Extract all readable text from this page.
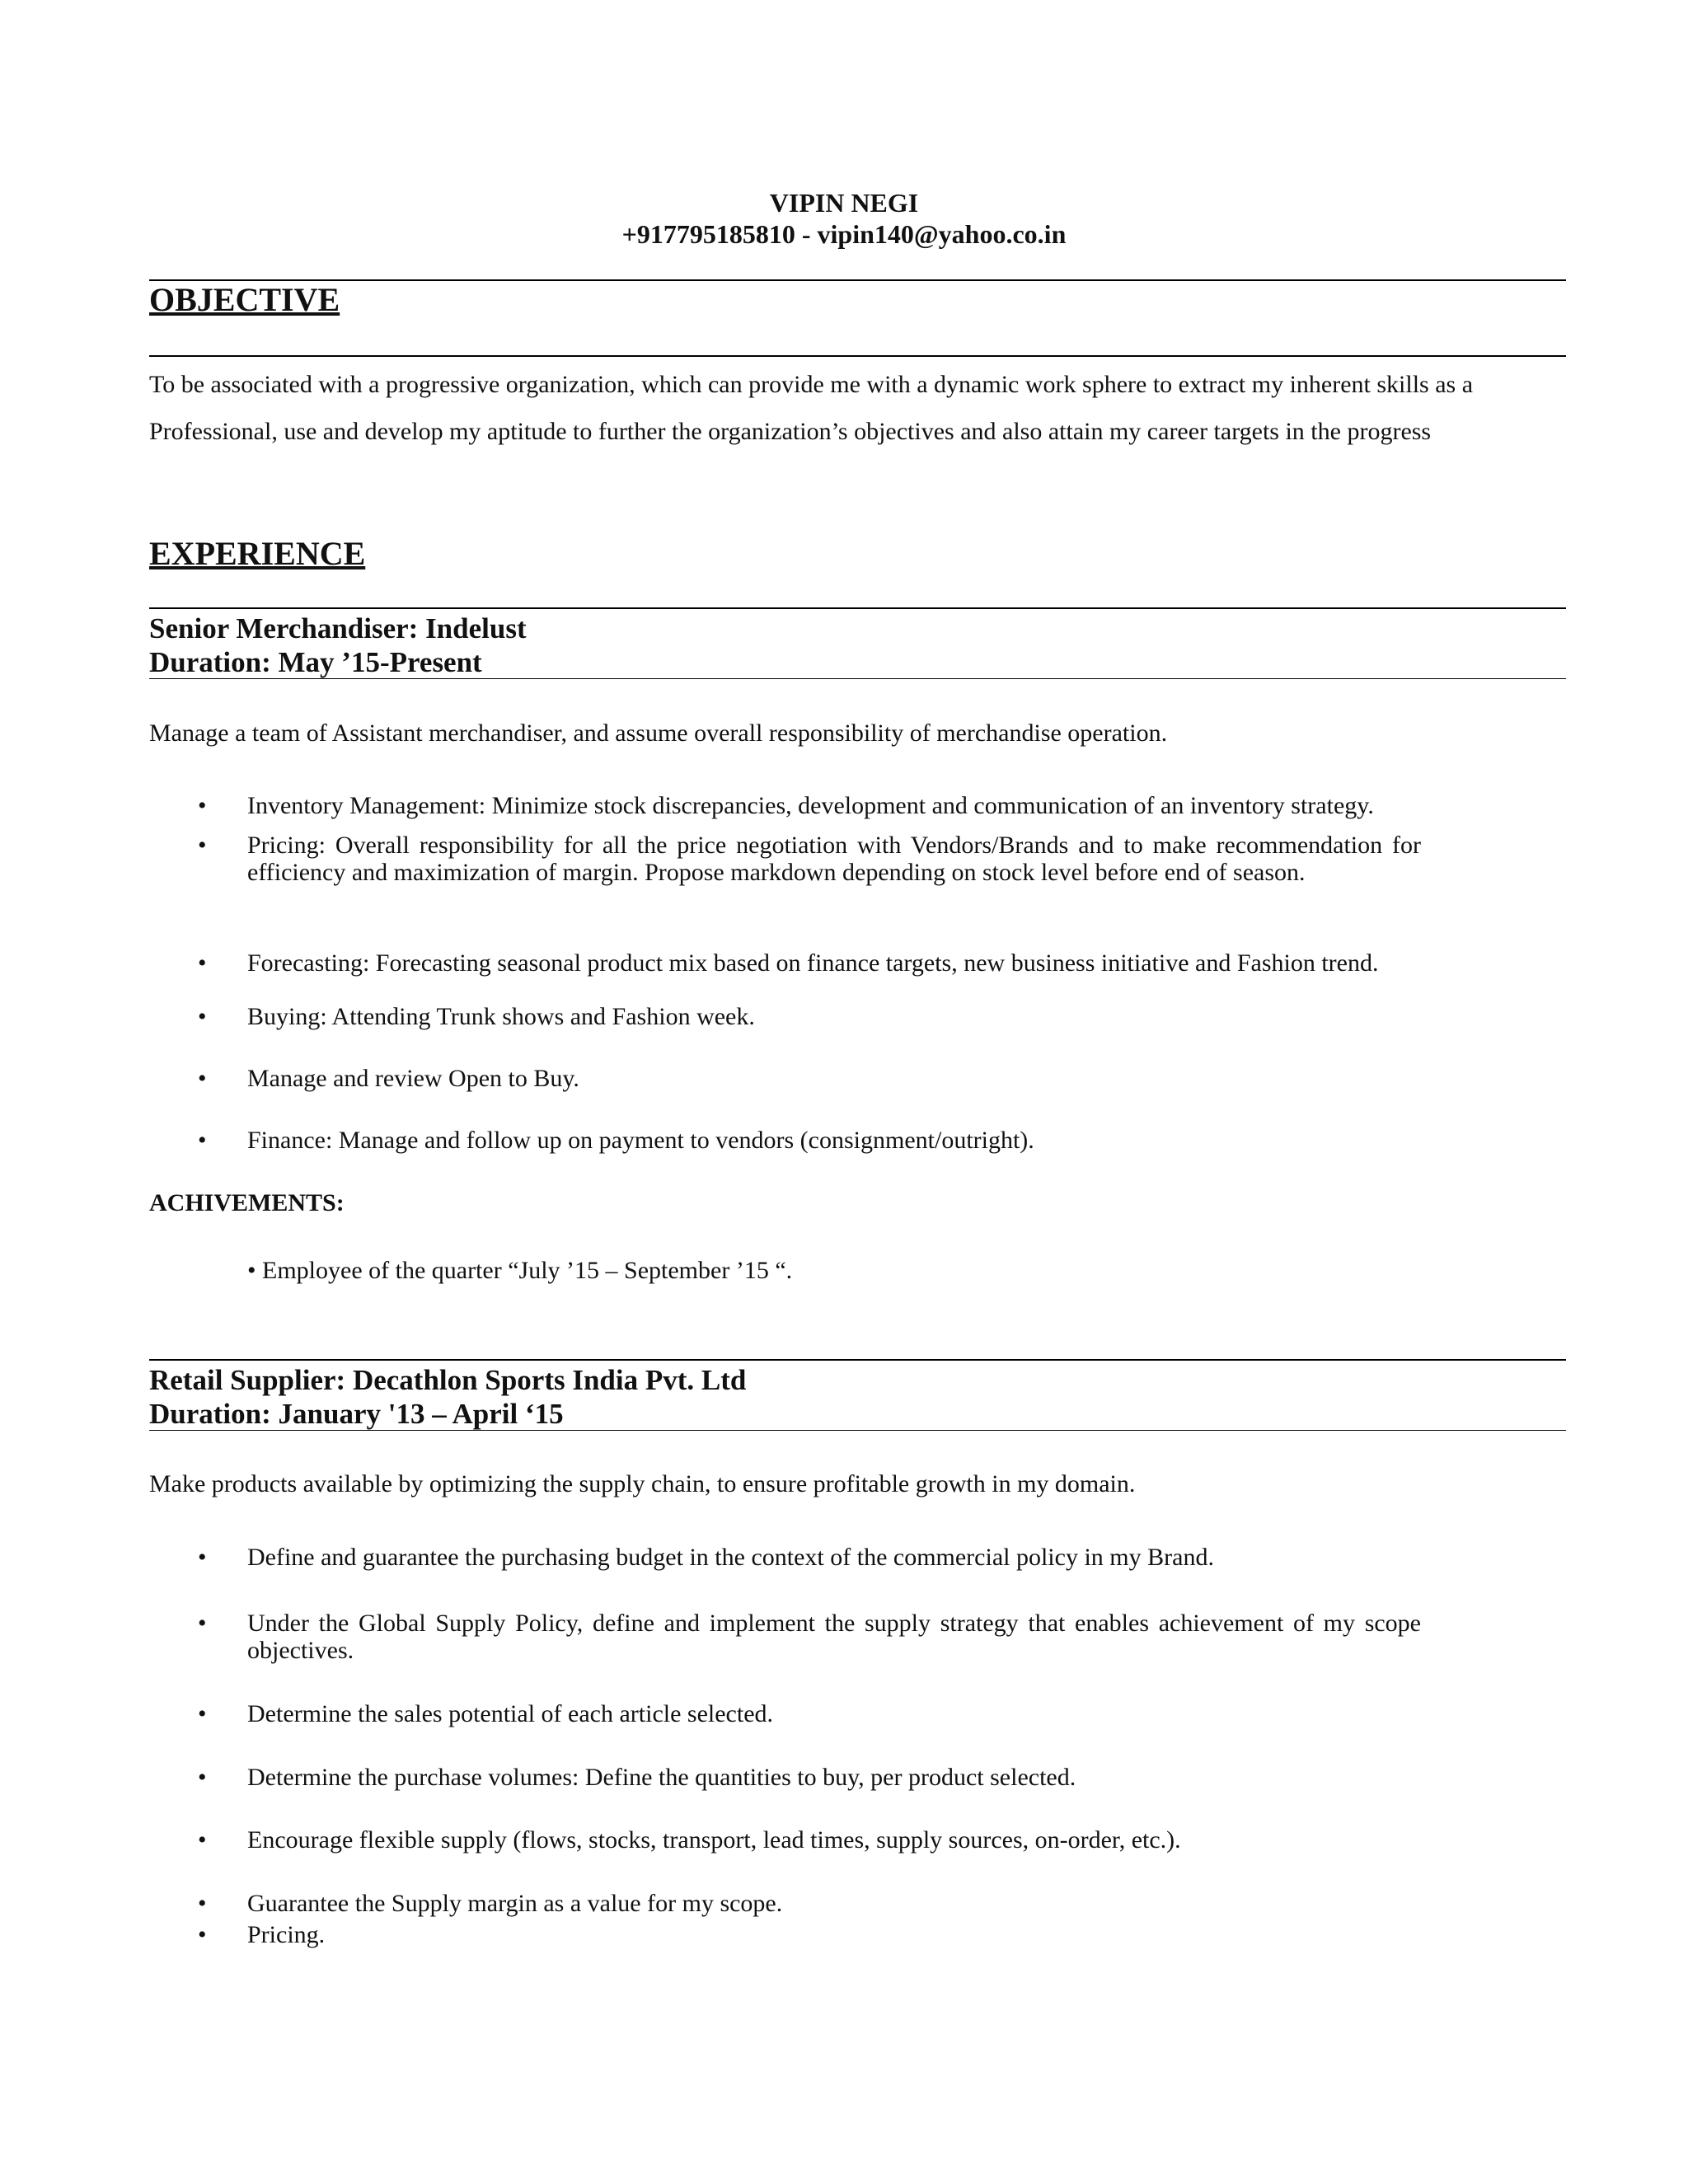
VIPIN NEGI
+917795185810 - vipin140@yahoo.co.in
OBJECTIVE
To be associated with a progressive organization, which can provide me with a dynamic work sphere to extract my inherent skills as a Professional, use and develop my aptitude to further the organization’s objectives and also attain my career targets in the progress
EXPERIENCE
Senior Merchandiser: Indelust
Duration: May ’15-Present
Manage a team of Assistant merchandiser, and assume overall responsibility of merchandise operation.
• Inventory Management: Minimize stock discrepancies, development and communication of an inventory strategy.
• Pricing: Overall responsibility for all the price negotiation with Vendors/Brands and to make recommendation for efficiency and maximization of margin. Propose markdown depending on stock level before end of season.
• Forecasting: Forecasting seasonal product mix based on finance targets, new business initiative and Fashion trend.
• Buying: Attending Trunk shows and Fashion week.
• Manage and review Open to Buy.
• Finance: Manage and follow up on payment to vendors (consignment/outright).
ACHIVEMENTS:
• Employee of the quarter “July ’15 – September ’15 “.
Retail Supplier: Decathlon Sports India Pvt. Ltd
Duration: January '13 – April ‘15
Make products available by optimizing the supply chain, to ensure profitable growth in my domain.
• Define and guarantee the purchasing budget in the context of the commercial policy in my Brand.
• Under the Global Supply Policy, define and implement the supply strategy that enables achievement of my scope objectives.
• Determine the sales potential of each article selected.
• Determine the purchase volumes: Define the quantities to buy, per product selected.
• Encourage flexible supply (flows, stocks, transport, lead times, supply sources, on-order, etc.).
• Guarantee the Supply margin as a value for my scope.
• Pricing.
